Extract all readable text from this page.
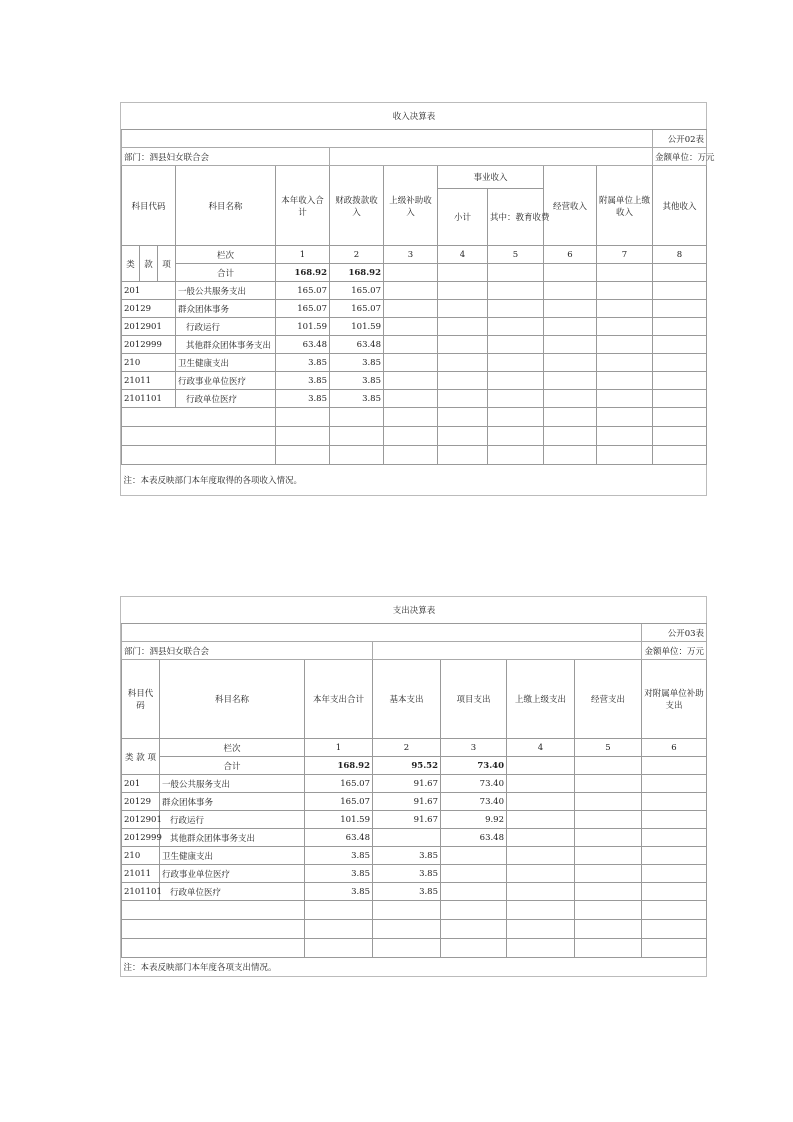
收入决算表											
											公开02表
部门：泗县妇女联合会											金额单位：万元
科目代码			科目名称	本年收入合计	财政拨款收入	上级补助收入	事业收入		经营收入	附属单位上缴收入	其他收入
							小计	其中：教育收费			
类	款	项	栏次	1	2	3	4	5	6	7	8
			合计	168.92	168.92						
201			一般公共服务支出	165.07	165.07						
20129			群众团体事务	165.07	165.07						
2012901			行政运行	101.59	101.59						
2012999			其他群众团体事务支出	63.48	63.48						
210			卫生健康支出	3.85	3.85						
21011			行政事业单位医疗	3.85	3.85						
2101101			行政单位医疗	3.85	3.85						

注：本表反映部门本年度取得的各项收入情况。											
支出决算表							
							公开03表
部门：泗县妇女联合会							金额单位：万元
科目代码	科目名称	本年支出合计	基本支出	项目支出	上缴上级支出	经营支出	对附属单位补助支出
类 款 项	栏次	1	2	3	4	5	6
	合计	168.92	95.52	73.40			
201	一般公共服务支出	165.07	91.67	73.40			
20129	群众团体事务	165.07	91.67	73.40			
2012901	行政运行	101.59	91.67	9.92			
2012999	其他群众团体事务支出	63.48		63.48			
210	卫生健康支出	3.85	3.85				
21011	行政事业单位医疗	3.85	3.85				
2101101	行政单位医疗	3.85	3.85				

注：本表反映部门本年度各项支出情况。							
